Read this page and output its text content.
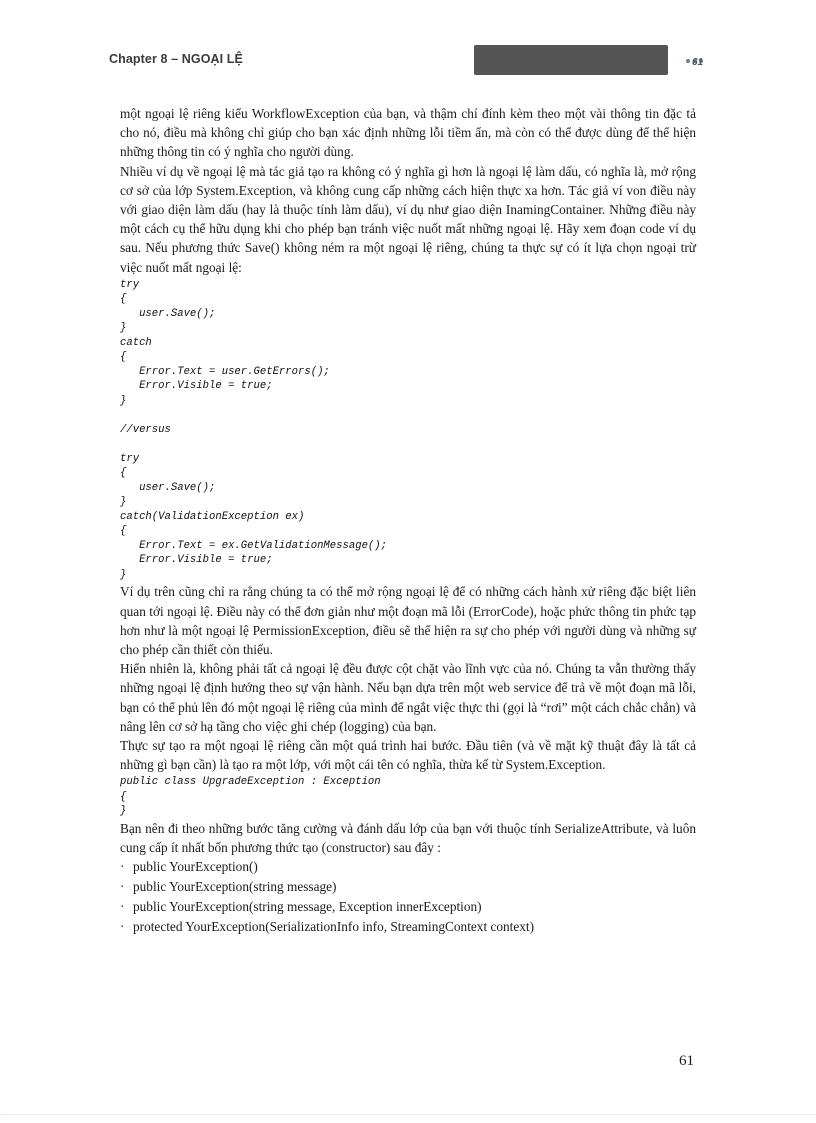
Chapter 8 – NGOẠI LỆ	61

một ngoại lệ riêng kiểu WorkflowException của bạn, và thậm chí đính kèm theo một vài thông tin đặc tả cho nó, điều mà không chỉ giúp cho bạn xác định những lỗi tiềm ẩn, mà còn có thể được dùng để thể hiện những thông tin có ý nghĩa cho người dùng.

Nhiều ví dụ về ngoại lệ mà tác giả tạo ra không có ý nghĩa gì hơn là ngoại lệ làm dấu, có nghĩa là, mở rộng cơ sở của lớp System.Exception, và không cung cấp những cách hiện thực xa hơn. Tác giả ví von điều này với giao diện làm dấu (hay là thuộc tính làm dấu), ví dụ như giao diện InamingContainer. Những điều này một cách cụ thể hữu dụng khi cho phép bạn tránh việc nuốt mất những ngoại lệ. Hãy xem đoạn code ví dụ sau. Nếu phương thức Save() không ném ra một ngoại lệ riêng, chúng ta thực sự có ít lựa chọn ngoại trừ việc nuốt mất ngoại lệ:

try
{
user.Save();
}
catch
{
Error.Text = user.GetErrors();
Error.Visible = true;
}

//versus

try
{
user.Save();
}
catch(ValidationException ex)
{
Error.Text = ex.GetValidationMessage();
Error.Visible = true;
}

Ví dụ trên cũng chỉ ra rằng chúng ta có thể mở rộng ngoại lệ để có những cách hành xử riêng đặc biệt liên quan tới ngoại lệ. Điều này có thể đơn giản như một đoạn mã lỗi (ErrorCode), hoặc phức thông tin phức tạp hơn như là một ngoại lệ PermissionException, điều sẽ thể hiện ra sự cho phép với người dùng và những sự cho phép cần thiết còn thiếu.

Hiển nhiên là, không phải tất cả ngoại lệ đều được cột chặt vào lĩnh vực của nó. Chúng ta vẫn thường thấy những ngoại lệ định hướng theo sự vận hành. Nếu bạn dựa trên một web service để trả về một đoạn mã lỗi, bạn có thể phủ lên đó một ngoại lệ riêng của mình để ngắt việc thực thi (gọi là “rơi” một cách chắc chắn) và nâng lên cơ sở hạ tầng cho việc ghi chép (logging) của bạn.

Thực sự tạo ra một ngoại lệ riêng cần một quá trình hai bước. Đầu tiên (và về mặt kỹ thuật đây là tất cả những gì bạn cần) là tạo ra một lớp, với một cái tên có nghĩa, thừa kế từ System.Exception.

public class UpgradeException : Exception
{
}

Bạn nên đi theo những bước tăng cường và đánh dấu lớp của bạn với thuộc tính SerializeAttribute, và luôn cung cấp ít nhất bốn phương thức tạo (constructor) sau đây :

· public YourException()
· public YourException(string message)
· public YourException(string message, Exception innerException)
· protected YourException(SerializationInfo info, StreamingContext context)
61
